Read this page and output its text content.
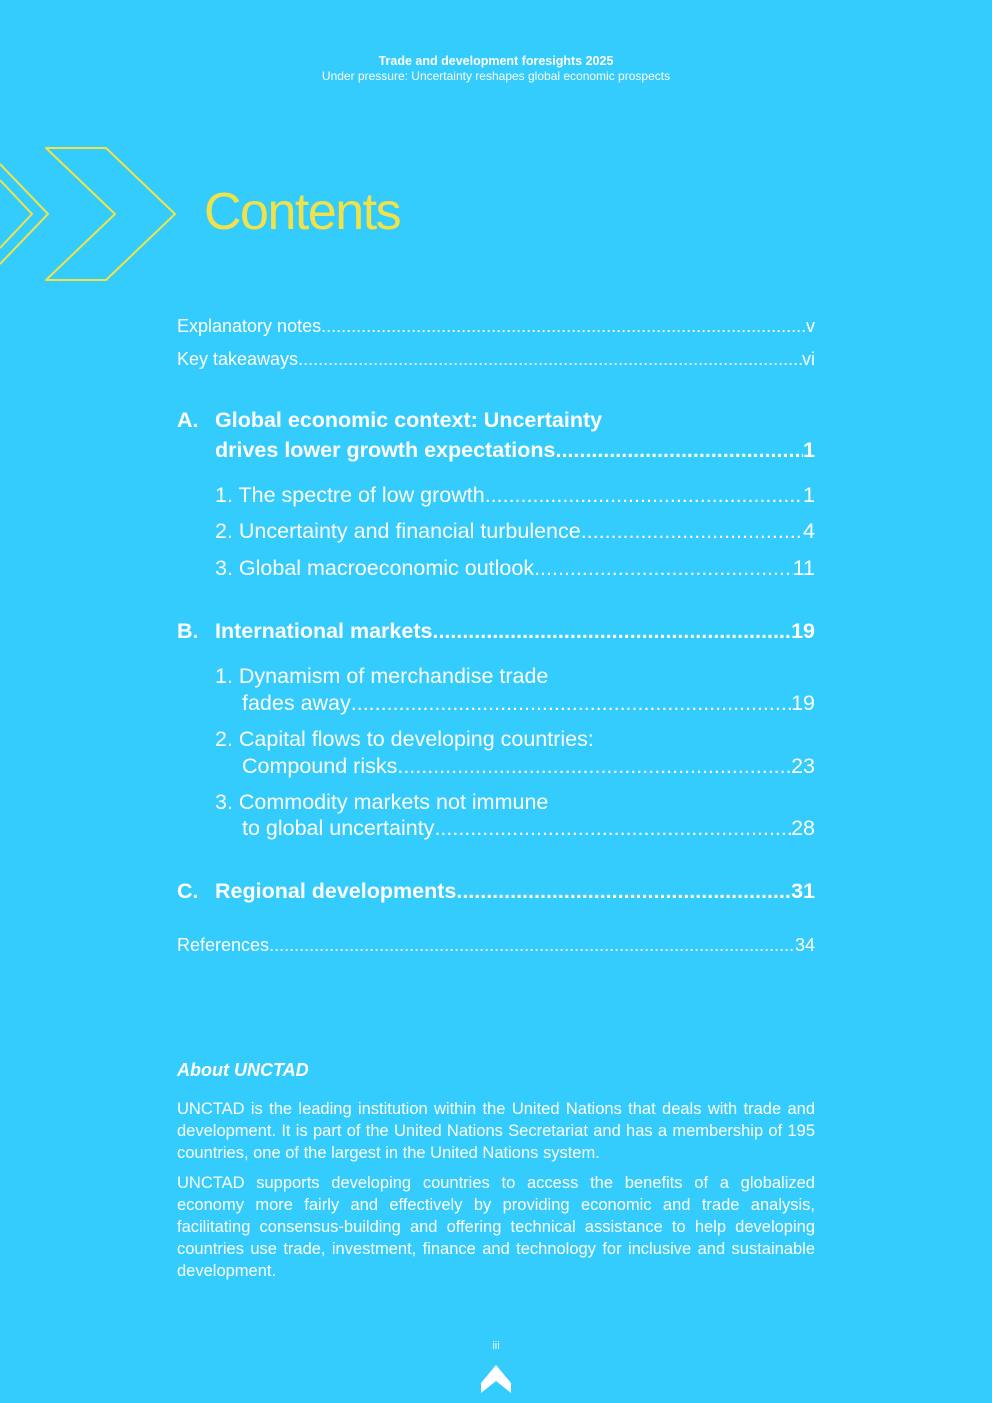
Trade and development foresights 2025
Under pressure: Uncertainty reshapes global economic prospects
Contents
Explanatory notes .....	v
Key takeaways .....	vi
A. Global economic context: Uncertainty
drives lower growth expectations .....	1
1. The spectre of low growth .....	1
2. Uncertainty and financial turbulence .....	4
3. Global macroeconomic outlook .....	11
B. International markets .....	19
1. Dynamism of merchandise trade
fades away .....	19
2. Capital flows to developing countries:
Compound risks .....	23
3. Commodity markets not immune
to global uncertainty .....	28
C. Regional developments .....	31
References .....	34
About UNCTAD

UNCTAD is the leading institution within the United Nations that deals with trade and development. It is part of the United Nations Secretariat and has a membership of 195 countries, one of the largest in the United Nations system.

UNCTAD supports developing countries to access the benefits of a globalized economy more fairly and effectively by providing economic and trade analysis, facilitating consensus-building and offering technical assistance to help developing countries use trade, investment, finance and technology for inclusive and sustainable development.

iii
